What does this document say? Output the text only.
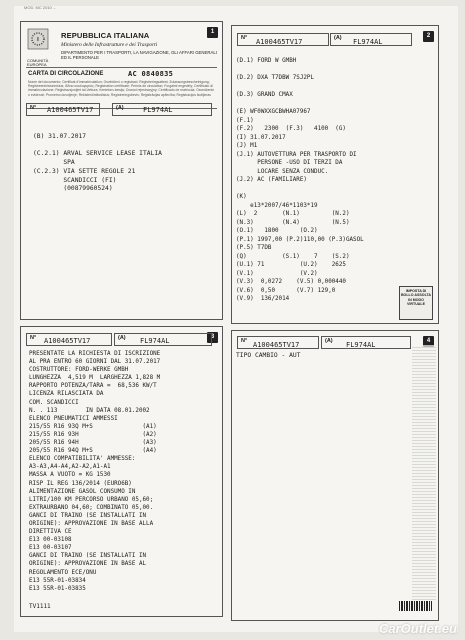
MOD. MC 2010 ...
1
I
COMUNITÀ EUROPEA
REPUBBLICA ITALIANA
Ministero delle Infrastrutture e dei Trasporti
DIPARTIMENTO PER I TRASPORTI, LA NAVIGAZIONE, GLI AFFARI GENERALI ED IL PERSONALE
CARTA DI CIRCOLAZIONE	AC 0840835
Nome del documento; Certificat d'immatriculation; Osvědčení o registraci; Registreringsattest; Zulassungsbescheinigung; Registreerimistunnistus; Άδεια κυκλοφορίας; Registration certificate; Permis de circulation; Forgalmi engedély; Certificato di immatricolazione; Reġistrazzjonijiet tal-Vettura; Kenteken-bewijs; Dowód rejestracyjny; Certificado de matrícula; Osvedčenie o evidencii; Prometno dovoljenje; Rekisteröintitodistus; Registreringsbevis; Reģistrācijas apliecība; Registracijos liudijimas
N° A100465TV17	(A)	FL974AL
(B) 31.07.2017

(C.2.1) ARVAL SERVICE LEASE ITALIA
SPA
(C.2.3) VIA SETTE REGOLE 21
SCANDICCI (FI)
(00879960524)
2
N° A100465TV17	(A) FL974AL
(D.1) FORD W GMBH

(D.2) DXA T7DBW 7SJ2PL

(D.3) GRAND CMAX

(E) WF0WXXGCBWHA07967
(F.1)
(F.2)   2300  (F.3)   4100  (G)
(I) 31.07.2017
(J) M1
(J.1) AUTOVETTURA PER TRASPORTO DI
PERSONE -USO DI TERZI DA
LOCARE SENZA CONDUC.
(J.2) AC (FAMILIARE)

(K)
e13*2007/46*1103*19
(L)  2       (N.1)         (N.2)
(N.3)        (N.4)         (N.5)
(O.1)   1800      (O.2)
(P.1) 1997,00 (P.2)110,00 (P.3)GASOL
(P.5) T7DB
(Q)          (S.1)    7    (S.2)
(U.1) 71          (U.2)    2625
(V.1)             (V.2)
(V.3)  0,0272    (V.5) 0,000440
(V.6)  0,50      (V.7) 129,0
(V.9)  136/2014
IMPOSTA DI BOLLO ASSOLTA IN MODO VIRTUALE
3
N° A100465TV17	(A) FL974AL
PRESENTATE LA RICHIESTA DI ISCRIZIONE
AL PRA ENTRO 60 GIORNI DAL 31.07.2017
COSTRUTTORE: FORD-WERKE GMBH
LUNGHEZZA  4,519 M  LARGHEZZA 1,828 M
RAPPORTO POTENZA/TARA =  68,536 KW/T
LICENZA RILASCIATA DA
COM. SCANDICCI
N. . 113        IN DATA 08.01.2002
ELENCO PNEUMATICI AMMESSI
215/55 R16 93Q M+S              (A1)
215/55 R16 93H                  (A2)
205/55 R16 94H                  (A3)
205/55 R16 94Q M+S              (A4)
ELENCO COMPATIBILITA' AMMESSE:
A3-A3,A4-A4,A2-A2,A1-A1
MASSA A VUOTO = KG 1530
RISP IL REG 136/2014 (EURO6B)
ALIMENTAZIONE GASOL CONSUMO IN
LITRI/100 KM PERCORSO URBANO 05,60;
EXTRAURBANO 04,60; COMBINATO 05,00.
GANCI DI TRAINO (SE INSTALLATI IN
ORIGINE): APPROVAZIONE IN BASE ALLA
DIRETTIVA CE
E13 00-03108
E13 00-03107
GANCI DI TRAINO (SE INSTALLATI IN
ORIGINE): APPROVAZIONE IN BASE AL
REGOLAMENTO ECE/ONU
E13 55R-01-03834
E13 55R-01-03835
TV1111
4
N° A100465TV17	(A) FL974AL
TIPO CAMBIO - AUT
CarOutlet.eu
